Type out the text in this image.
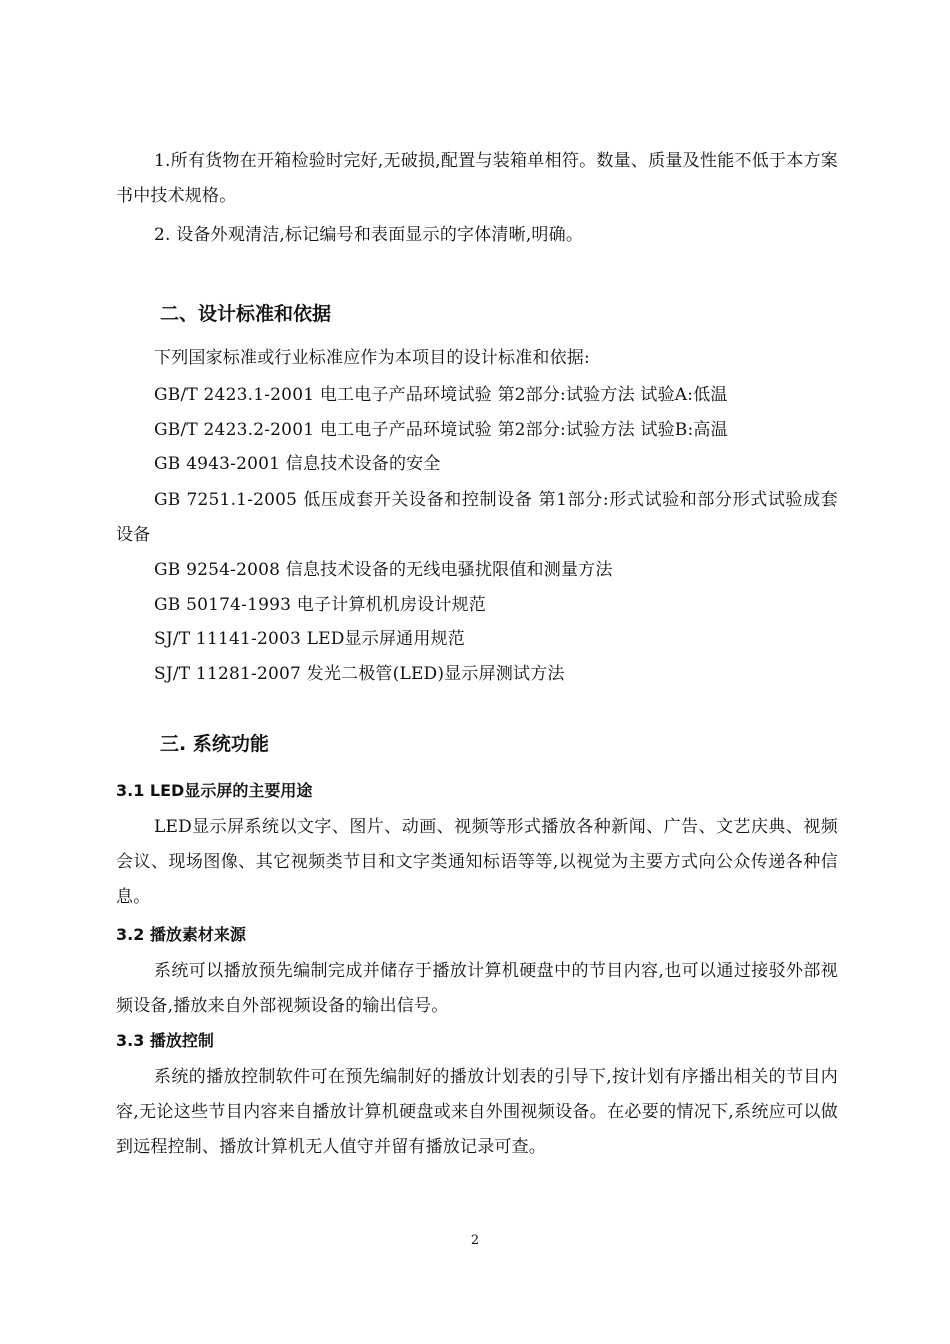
1.所有货物在开箱检验时完好,无破损,配置与装箱单相符。数量、质量及性能不低于本方案书中技术规格。

2. 设备外观清洁,标记编号和表面显示的字体清晰,明确。

二、设计标准和依据
下列国家标准或行业标准应作为本项目的设计标准和依据:
GB/T 2423.1-2001 电工电子产品环境试验 第2部分:试验方法 试验A:低温
GB/T 2423.2-2001 电工电子产品环境试验 第2部分:试验方法 试验B:高温
GB 4943-2001 信息技术设备的安全

GB 7251.1-2005 低压成套开关设备和控制设备 第1部分:形式试验和部分形式试验成套设备

GB 9254-2008 信息技术设备的无线电骚扰限值和测量方法
GB 50174-1993 电子计算机机房设计规范
SJ/T 11141-2003 LED显示屏通用规范
SJ/T 11281-2007 发光二极管(LED)显示屏测试方法
三. 系统功能
3.1 LED显示屏的主要用途

LED显示屏系统以文字、图片、动画、视频等形式播放各种新闻、广告、文艺庆典、视频会议、现场图像、其它视频类节目和文字类通知标语等等,以视觉为主要方式向公众传递各种信息。

3.2 播放素材来源

系统可以播放预先编制完成并储存于播放计算机硬盘中的节目内容,也可以通过接驳外部视频设备,播放来自外部视频设备的输出信号。

3.3 播放控制

系统的播放控制软件可在预先编制好的播放计划表的引导下,按计划有序播出相关的节目内容,无论这些节目内容来自播放计算机硬盘或来自外围视频设备。在必要的情况下,系统应可以做到远程控制、播放计算机无人值守并留有播放记录可查。

2
